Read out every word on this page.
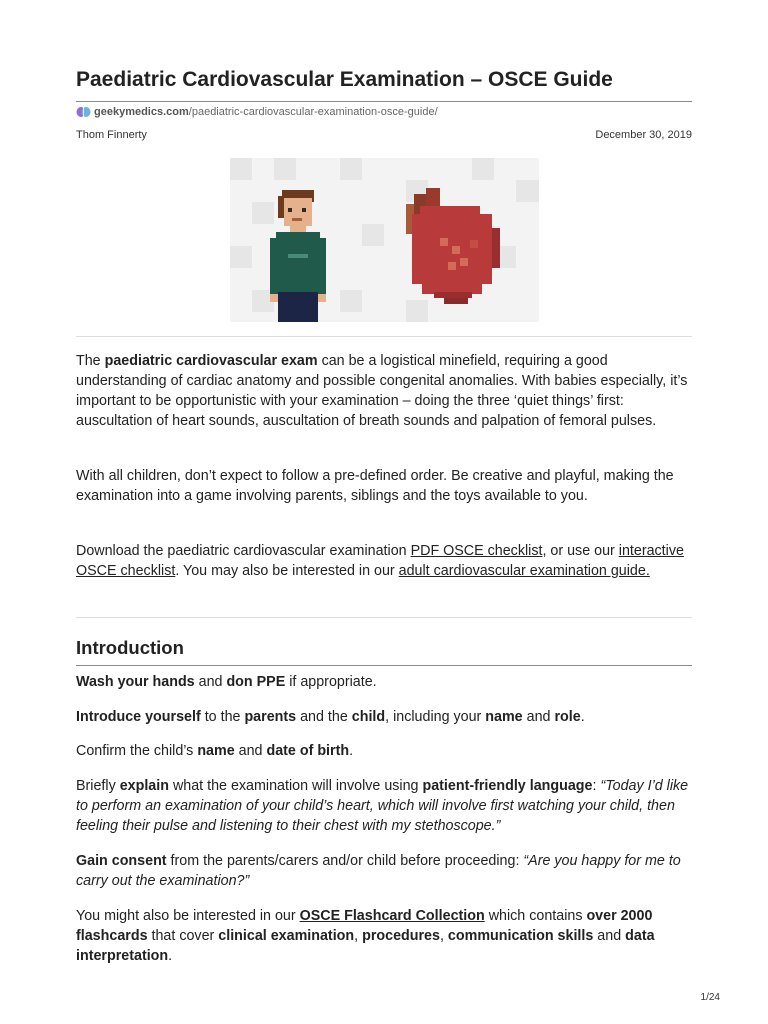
Paediatric Cardiovascular Examination – OSCE Guide
geekymedics.com /paediatric-cardiovascular-examination-osce-guide/
Thom Finnerty	December 30, 2019

The paediatric cardiovascular exam can be a logistical minefield, requiring a good understanding of cardiac anatomy and possible congenital anomalies. With babies especially, it’s important to be opportunistic with your examination – doing the three ‘quiet things’ first: auscultation of heart sounds, auscultation of breath sounds and palpation of femoral pulses.

With all children, don’t expect to follow a pre-defined order. Be creative and playful, making the examination into a game involving parents, siblings and the toys available to you.

Download the paediatric cardiovascular examination PDF OSCE checklist, or use our interactive OSCE checklist. You may also be interested in our adult cardiovascular examination guide.

Introduction

Wash your hands and don PPE if appropriate.

Introduce yourself to the parents and the child, including your name and role.

Confirm the child’s name and date of birth.

Briefly explain what the examination will involve using patient-friendly language: “Today I’d like to perform an examination of your child’s heart, which will involve first watching your child, then feeling their pulse and listening to their chest with my stethoscope.”

Gain consent from the parents/carers and/or child before proceeding: “Are you happy for me to carry out the examination?”

You might also be interested in our OSCE Flashcard Collection which contains over 2000 flashcards that cover clinical examination, procedures, communication skills and data interpretation.

1/24
